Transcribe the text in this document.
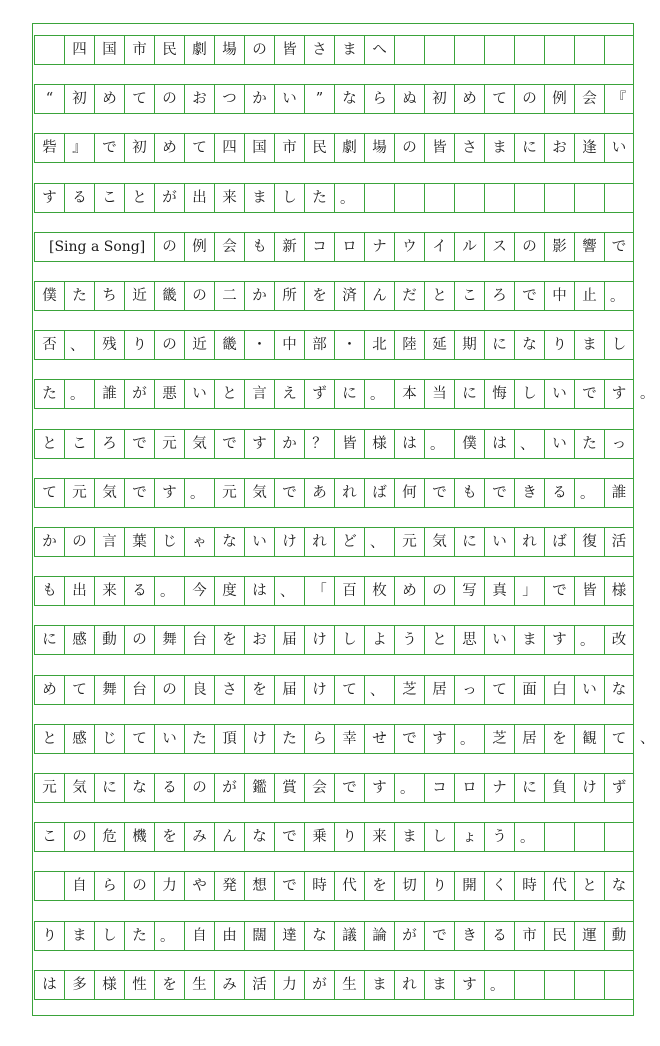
四	国	市	民	劇	場	の	皆	さ	ま	へ
“	初	め	て	の	お	つ	か	い	”	な	ら	ぬ	初	め	て	の	例	会	『
砦	』	で	初	め	て	四	国	市	民	劇	場	の	皆	さ	ま	に	お	逢	い
す	る	こ	と	が	出	来	ま	し	た 。
[Sing a Song]	の	例	会	も	新	コ	ロ	ナ	ウ	イ	ル	ス	の	影	響	で
僕	た	ち	近	畿	の	二	か	所	を	済	ん	だ	と	こ	ろ	で	中	止 。
否 、	残	り	の	近	畿	・	中	部	・	北	陸	延	期	に	な	り	ま	し
た 。	誰	が	悪	い	と	言	え	ず	に 。	本	当	に	悔	し	い	で	す
と	こ	ろ	で	元	気	で	す	か	？	皆	様	は 。	僕	は 、	い	た	っ
て	元	気	で	す 。	元	気	で	あ	れ	ば	何	で	も	で	き	る 。	誰
か	の	言	葉	じ	ゃ	な	い	け	れ	ど 、	元	気	に	い	れ	ば	復	活
も	出	来	る 。	今	度	は 、	「	百	枚	め	の	写	真	」	で	皆	様
に	感	動	の	舞	台	を	お	届	け	し	よ	う	と	思	い	ま	す 。	改
め	て	舞	台	の	良	さ	を	届	け	て 、	芝	居	っ	て	面	白	い	な
と	感	じ	て	い	た	頂	け	た	ら	幸	せ	で	す 。	芝	居	を	観	て
元	気	に	な	る	の	が	鑑	賞	会	で	す 。	コ	ロ	ナ	に	負	け	ず
こ	の	危	機	を	み	ん	な	で	乗	り	来	ま	し	ょ	う 。
自	ら	の	力	や	発	想	で	時	代	を	切	り	開	く	時	代	と	な
り	ま	し	た 。	自	由	闊	達	な	議	論	が	で	き	る	市	民	運	動
は	多	様	性	を	生	み	活	力	が	生	ま	れ	ま	す 。
。
、
